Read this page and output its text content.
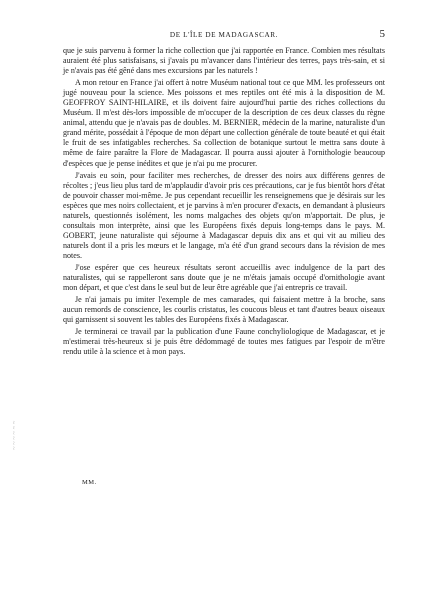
DE L'ÎLE DE MADAGASCAR.	5

que je suis parvenu à former la riche collection que j'ai rapportée en France. Combien mes résultats auraient été plus satisfaisans, si j'avais pu m'avancer dans l'intérieur des terres, pays très-sain, et si je n'avais pas été gêné dans mes excursions par les naturels !

A mon retour en France j'ai offert à notre Muséum national tout ce que MM. les professeurs ont jugé nouveau pour la science. Mes poissons et mes reptiles ont été mis à la disposition de M. GEOFFROY SAINT-HILAIRE, et ils doivent faire aujourd'hui partie des riches collections du Muséum. Il m'est dès-lors impossible de m'occuper de la description de ces deux classes du règne animal, attendu que je n'avais pas de doubles. M. BERNIER, médecin de la marine, naturaliste d'un grand mérite, possédait à l'époque de mon départ une collection générale de toute beauté et qui était le fruit de ses infatigables recherches. Sa collection de botanique surtout le mettra sans doute à même de faire paraître la Flore de Madagascar. Il pourra aussi ajouter à l'ornithologie beaucoup d'espèces que je pense inédites et que je n'ai pu me procurer.

J'avais eu soin, pour faciliter mes recherches, de dresser des noirs aux différens genres de récoltes ; j'eus lieu plus tard de m'applaudir d'avoir pris ces précautions, car je fus bientôt hors d'état de pouvoir chasser moi-même. Je pus cependant recueillir les renseignemens que je désirais sur les espèces que mes noirs collectaient, et je parvins à m'en procurer d'exacts, en demandant à plusieurs naturels, questionnés isolément, les noms malgaches des objets qu'on m'apportait. De plus, je consultais mon interprète, ainsi que les Européens fixés depuis long-temps dans le pays. M. GOBERT, jeune naturaliste qui séjourne à Madagascar depuis dix ans et qui vit au milieu des naturels dont il a pris les mœurs et le langage, m'a été d'un grand secours dans la révision de mes notes.

J'ose espérer que ces heureux résultats seront accueillis avec indulgence de la part des naturalistes, qui se rappelleront sans doute que je ne m'étais jamais occupé d'ornithologie avant mon départ, et que c'est dans le seul but de leur être agréable que j'ai entrepris ce travail.

Je n'ai jamais pu imiter l'exemple de mes camarades, qui faisaient mettre à la broche, sans aucun remords de conscience, les courlis cristatus, les coucous bleus et tant d'autres beaux oiseaux qui garnissent si souvent les tables des Européens fixés à Madagascar.

Je terminerai ce travail par la publication d'une Faune conchyliologique de Madagascar, et je m'estimerai très-heureux si je puis être dédommagé de toutes mes fatigues par l'espoir de m'être rendu utile à la science et à mon pays.

MM.
~ ~ ~ ~ ~ ~
